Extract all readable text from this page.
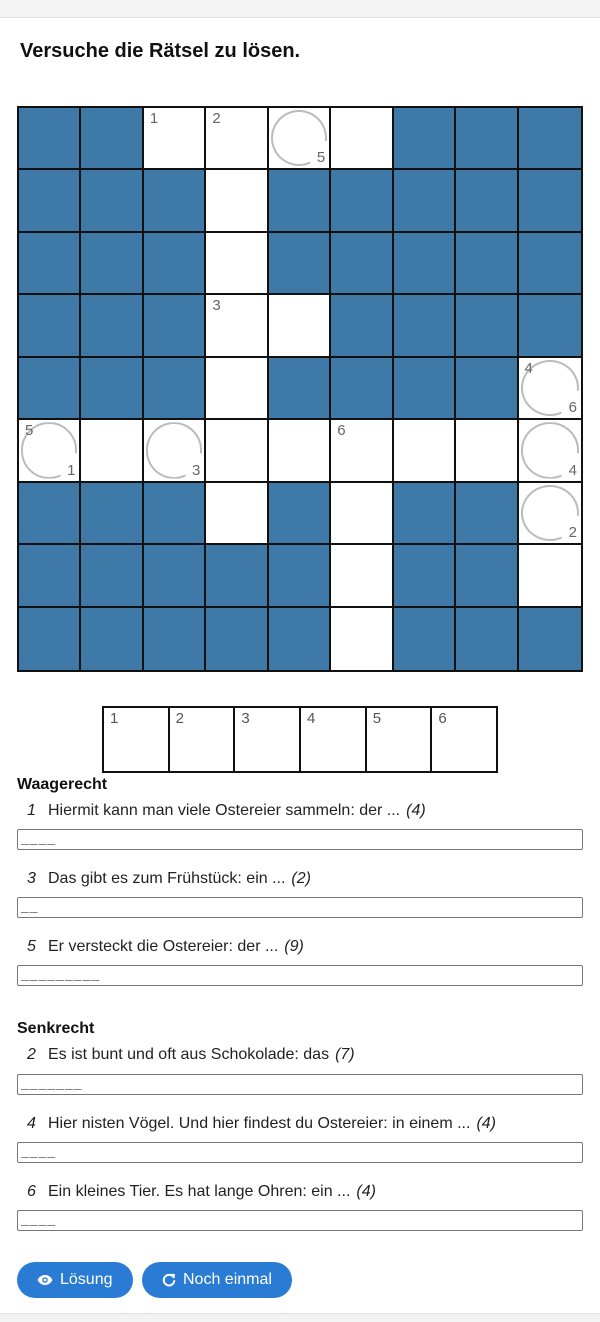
Versuche die Rätsel zu lösen.
1	2
5
3
6
4
1
5
3
6
4
2
1	2	3	4	5	6
Waagerecht
1 Hiermit kann man viele Ostereier sammeln: der ... (4)
____
3 Das gibt es zum Frühstück: ein ... (2)
__
5 Er versteckt die Ostereier: der ... (9)
_________
Senkrecht
2 Es ist bunt und oft aus Schokolade: das (7)
_______
4 Hier nisten Vögel. Und hier findest du Ostereier: in einem ... (4)
____
6 Ein kleines Tier. Es hat lange Ohren: ein ... (4)
____
Lösung	Noch einmal
